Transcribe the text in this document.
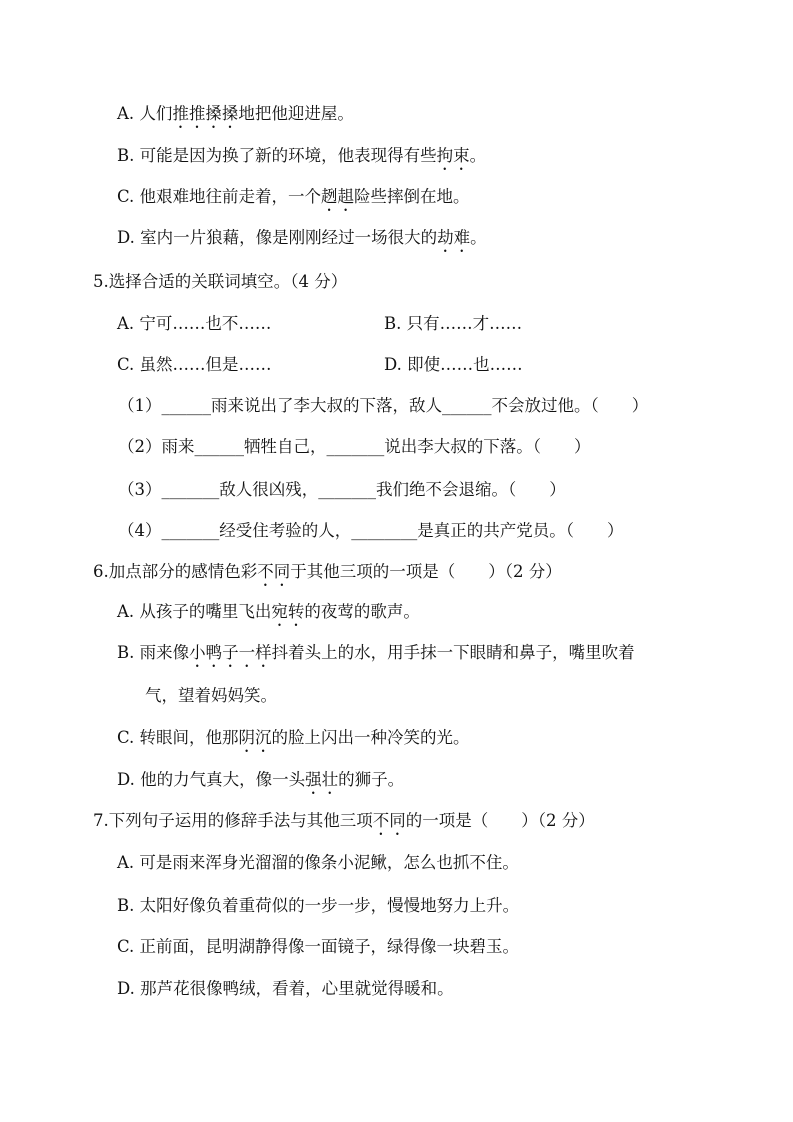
A. 人们推推搡搡地把他迎进屋。
B. 可能是因为换了新的环境，他表现得有些拘束。
C. 他艰难地往前走着，一个趔趄险些摔倒在地。
D. 室内一片狼藉，像是刚刚经过一场很大的劫难。
5.选择合适的关联词填空。（4 分）
A. 宁可……也不……	B. 只有……才……
C. 虽然……但是……	D. 即使……也……
（1）______雨来说出了李大叔的下落，敌人______不会放过他。（　　）
（2）雨来______牺牲自己，_______说出李大叔的下落。（　　）
（3）_______敌人很凶残，_______我们绝不会退缩。（　　）
（4）_______经受住考验的人，________是真正的共产党员。（　　）
6.加点部分的感情色彩不同于其他三项的一项是（　　）（2 分）
A. 从孩子的嘴里飞出宛转的夜莺的歌声。
B. 雨来像小鸭子一样抖着头上的水，用手抹一下眼睛和鼻子，嘴里吹着
气，望着妈妈笑。
C. 转眼间，他那阴沉的脸上闪出一种冷笑的光。
D. 他的力气真大，像一头强壮的狮子。
7.下列句子运用的修辞手法与其他三项不同的一项是（　　）（2 分）
A. 可是雨来浑身光溜溜的像条小泥鳅，怎么也抓不住。
B. 太阳好像负着重荷似的一步一步，慢慢地努力上升。
C. 正前面，昆明湖静得像一面镜子，绿得像一块碧玉。
D. 那芦花很像鸭绒，看着，心里就觉得暖和。
